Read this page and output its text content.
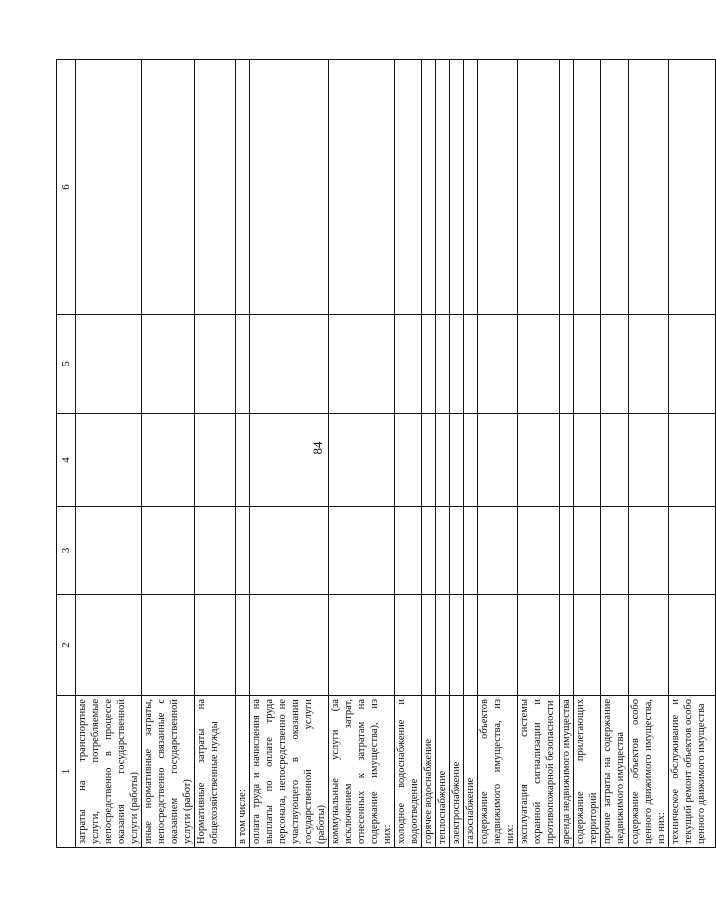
84
1	2	3	4	5	6
затраты на транспортные услуги, потребляемые непосредственно в процессе оказания государственной услуги (работы)					
иные нормативные затраты, непосредственно связанные с оказанием государственной услуги (работ)					
Нормативные затраты на общехозяйственные нужды					
в том числе:					
оплата труда и начисления на выплаты по оплате труда персонала, непосредственно не участвующего в оказании государственной услуги (работы)					
коммунальные услуги (за исключением затрат, отнесенных к затратам на содержание имущества), из них:					
холодное водоснабжение и водоотведение					
горячее водоснабжение					
теплоснабжение					
электроснабжение					
газоснабжение					
содержание объектов недвижимого имущества, из них:					
эксплуатация системы охранной сигнализации и противопожарной безопасности					
аренда недвижимого имущества					
содержание прилегающих территорий					
прочие затраты на содержание недвижимого имущества					
содержание объектов особо ценного движимого имущества, из них:					
техническое обслуживание и текущий ремонт объектов особо ценного движимого имущества					
